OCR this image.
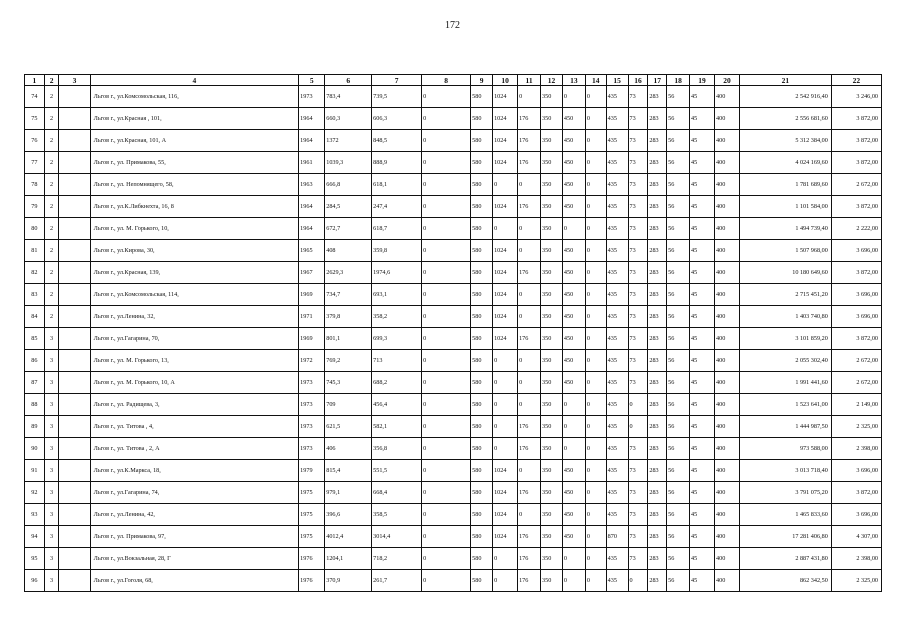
172
1	2	3	4	5	6	7	8	9	10	11	12	13	14	15	16	17	18	19	20	21	22
74	2		Льгов г., ул.Комсомольская, 116,	1973	783,4	739,5	0	580	1024	0	350	0	0	435	73	283	56	45	400	2 542 916,40	3 246,00
75	2		Льгов г., ул.Красная , 101,	1964	660,3	606,3	0	580	1024	176	350	450	0	435	73	283	56	45	400	2 556 681,60	3 872,00
76	2		Льгов г., ул.Красная, 101, А	1964	1372	848,5	0	580	1024	176	350	450	0	435	73	283	56	45	400	5 312 384,00	3 872,00
77	2		Льгов г., ул. Примакова, 55,	1961	1039,3	888,9	0	580	1024	176	350	450	0	435	73	283	56	45	400	4 024 169,60	3 872,00
78	2		Льгов г., ул. Непомнящего, 58,	1963	666,8	618,1	0	580	0	0	350	450	0	435	73	283	56	45	400	1 781 689,60	2 672,00
79	2		Льгов г., ул.К.Либкнехта, 16, 8	1964	284,5	247,4	0	580	1024	176	350	450	0	435	73	283	56	45	400	1 101 584,00	3 872,00
80	2		Льгов г., ул. М. Горького, 10,	1964	672,7	618,7	0	580	0	0	350	0	0	435	73	283	56	45	400	1 494 739,40	2 222,00
81	2		Льгов г., ул.Кирова, 30,	1965	408	359,8	0	580	1024	0	350	450	0	435	73	283	56	45	400	1 507 968,00	3 696,00
82	2		Льгов г., ул.Красная, 139,	1967	2629,3	1974,6	0	580	1024	176	350	450	0	435	73	283	56	45	400	10 180 649,60	3 872,00
83	2		Льгов г., ул.Комсомольская, 114,	1969	734,7	693,1	0	580	1024	0	350	450	0	435	73	283	56	45	400	2 715 451,20	3 696,00
84	2		Льгов г., ул.Ленина, 32,	1971	379,8	358,2	0	580	1024	0	350	450	0	435	73	283	56	45	400	1 403 740,80	3 696,00
85	3		Льгов г., ул.Гагарина, 70,	1969	801,1	699,3	0	580	1024	176	350	450	0	435	73	283	56	45	400	3 101 859,20	3 872,00
86	3		Льгов г., ул. М. Горького, 13,	1972	769,2	713	0	580	0	0	350	450	0	435	73	283	56	45	400	2 055 302,40	2 672,00
87	3		Льгов г., ул. М. Горького, 10, А	1973	745,3	688,2	0	580	0	0	350	450	0	435	73	283	56	45	400	1 991 441,60	2 672,00
88	3		Льгов г., ул. Радищева, 3,	1973	709	456,4	0	580	0	0	350	0	0	435	0	283	56	45	400	1 523 641,00	2 149,00
89	3		Льгов г., ул. Титова , 4,	1973	621,5	582,1	0	580	0	176	350	0	0	435	0	283	56	45	400	1 444 987,50	2 325,00
90	3		Льгов г., ул. Титова , 2, А	1973	406	356,8	0	580	0	176	350	0	0	435	73	283	56	45	400	973 588,00	2 398,00
91	3		Льгов г., ул.К.Маркса, 18,	1979	815,4	551,5	0	580	1024	0	350	450	0	435	73	283	56	45	400	3 013 718,40	3 696,00
92	3		Льгов г., ул.Гагарина, 74,	1975	979,1	668,4	0	580	1024	176	350	450	0	435	73	283	56	45	400	3 791 075,20	3 872,00
93	3		Льгов г., ул.Ленина, 42,	1975	396,6	358,5	0	580	1024	0	350	450	0	435	73	283	56	45	400	1 465 833,60	3 696,00
94	3		Льгов г., ул. Примакова, 97,	1975	4012,4	3014,4	0	580	1024	176	350	450	0	870	73	283	56	45	400	17 281 406,80	4 307,00
95	3		Льгов г., ул.Вокзальная, 28, Г	1976	1204,1	718,2	0	580	0	176	350	0	0	435	73	283	56	45	400	2 887 431,80	2 398,00
96	3		Льгов г., ул.Гоголя, 68,	1976	370,9	261,7	0	580	0	176	350	0	0	435	0	283	56	45	400	862 342,50	2 325,00
